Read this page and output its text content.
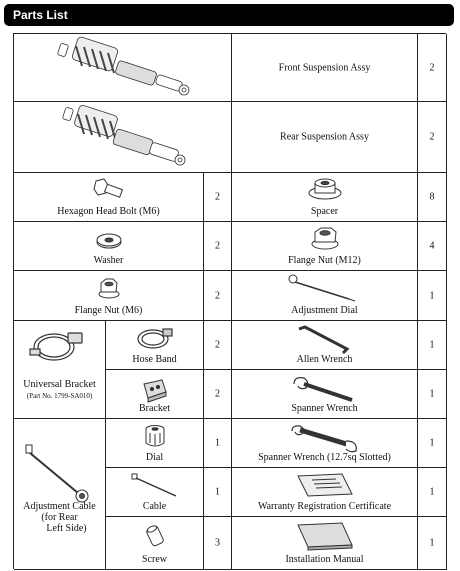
Parts List
Front Suspension Assy	2
Rear Suspension Assy	2
Hexagon Head Bolt (M6)
2
Spacer
8
Washer
2
Flange Nut (M12)
4
Flange Nut (M6)
2
Adjustment Dial
1
Universal Bracket
(Part No. 1799-SA010)
Hose Band
2
Allen Wrench
1
Bracket
2
Spanner Wrench
1
Adjustment Cable
(for Rear
Left Side)
Dial
1
Spanner Wrench (12.7sq Slotted)
1
Cable
1
Warranty Registration Certificate
1
Screw
3
Installation Manual
1
